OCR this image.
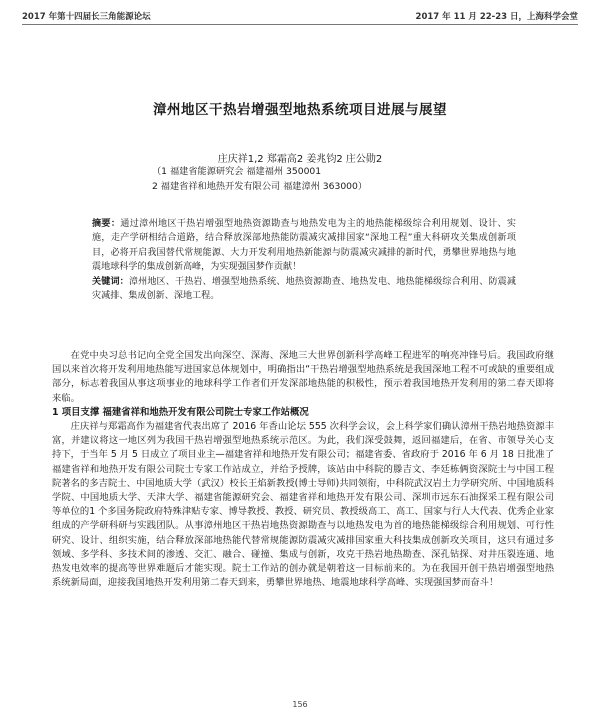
2017 年第十四届长三角能源论坛	2017 年 11 月 22-23 日，上海科学会堂
漳州地区干热岩增强型地热系统项目进展与展望
庄庆祥1,2 郑霜高2 姜兆钧2 庄公勋2
（1 福建省能源研究会 福建福州 350001
2 福建省祥和地热开发有限公司 福建漳州 363000）
摘要：通过漳州地区干热岩增强型地热资源勘查与地热发电为主的地热能梯级综合利用规划、设计、实施，走产学研相结合道路，结合释放深部地热能防震减灾减排国家“深地工程”重大科研攻关集成创新项目，必将开启我国替代常规能源、大力开发利用地热新能源与防震减灾减排的新时代，勇攀世界地热与地震地球科学的集成创新高峰，为实现强国梦作贡献！
关键词：漳州地区、干热岩、增强型地热系统、地热资源勘查、地热发电、地热能梯级综合利用、防震减灾减排、集成创新、深地工程。

在党中央习总书记向全党全国发出向深空、深海、深地三大世界创新科学高峰工程进军的响亮冲锋号后。我国政府继国以来首次将开发利用地热能写进国家总体规划中，明确指出“干热岩增强型地热系统是我国深地工程不可或缺的重要组成部分，标志着我国从事这项事业的地球科学工作者们开发深部地热能的积极性，预示着我国地热开发利用的第二春天即将来临。

1 项目支撑 福建省祥和地热开发有限公司院士专家工作站概况

庄庆祥与郑霜高作为福建省代表出席了 2016 年香山论坛 555 次科学会议，会上科学家们确认漳州干热岩地热资源丰富，并建议将这一地区列为我国干热岩增强型地热系统示范区。为此，我们深受鼓舞，返回福建后，在省、市领导关心支持下，于当年 5 月 5 日成立了项目业主—福建省祥和地热开发有限公司；福建省委、省政府于 2016 年 6 月 18 日批准了福建省祥和地热开发有限公司院士专家工作站成立，并给予授牌，该站由中科院的滕吉文、李廷栋俩资深院士与中国工程院著名的多吉院士、中国地质大学（武汉）校长王焰新教授(博士导师)共同领衔，中科院武汉岩土力学研究所、中国地质科学院、中国地质大学、天津大学、福建省能源研究会、福建省祥和地热开发有限公司、深圳市远东石油探采工程有限公司等单位的1 个多国务院政府特殊津贴专家、博导教授、教授、研究员、教授级高工、高工、国家与行人大代表、优秀企业家组成的产学研科研与实践团队。从事漳州地区干热岩地热资源勘查与以地热发电为首的地热能梯级综合利用规划、可行性研究、设计、组织实施，结合释放深部地热能代替常规能源防震减灾减排国家重大科技集成创新攻关项目，这只有通过多领域、多学科、多技术间的渗透、交汇、融合、碰撞、集成与创新，攻克干热岩地热勘查、深孔钻探、对井压裂连通、地热发电效率的提高等世界难题后才能实现。院士工作站的创办就是朝着这一目标前来的。为在我国开创干热岩增强型地热系统新局面，迎接我国地热开发利用第二春天到来，勇攀世界地热、地震地球科学高峰、实现强国梦而奋斗！

156
